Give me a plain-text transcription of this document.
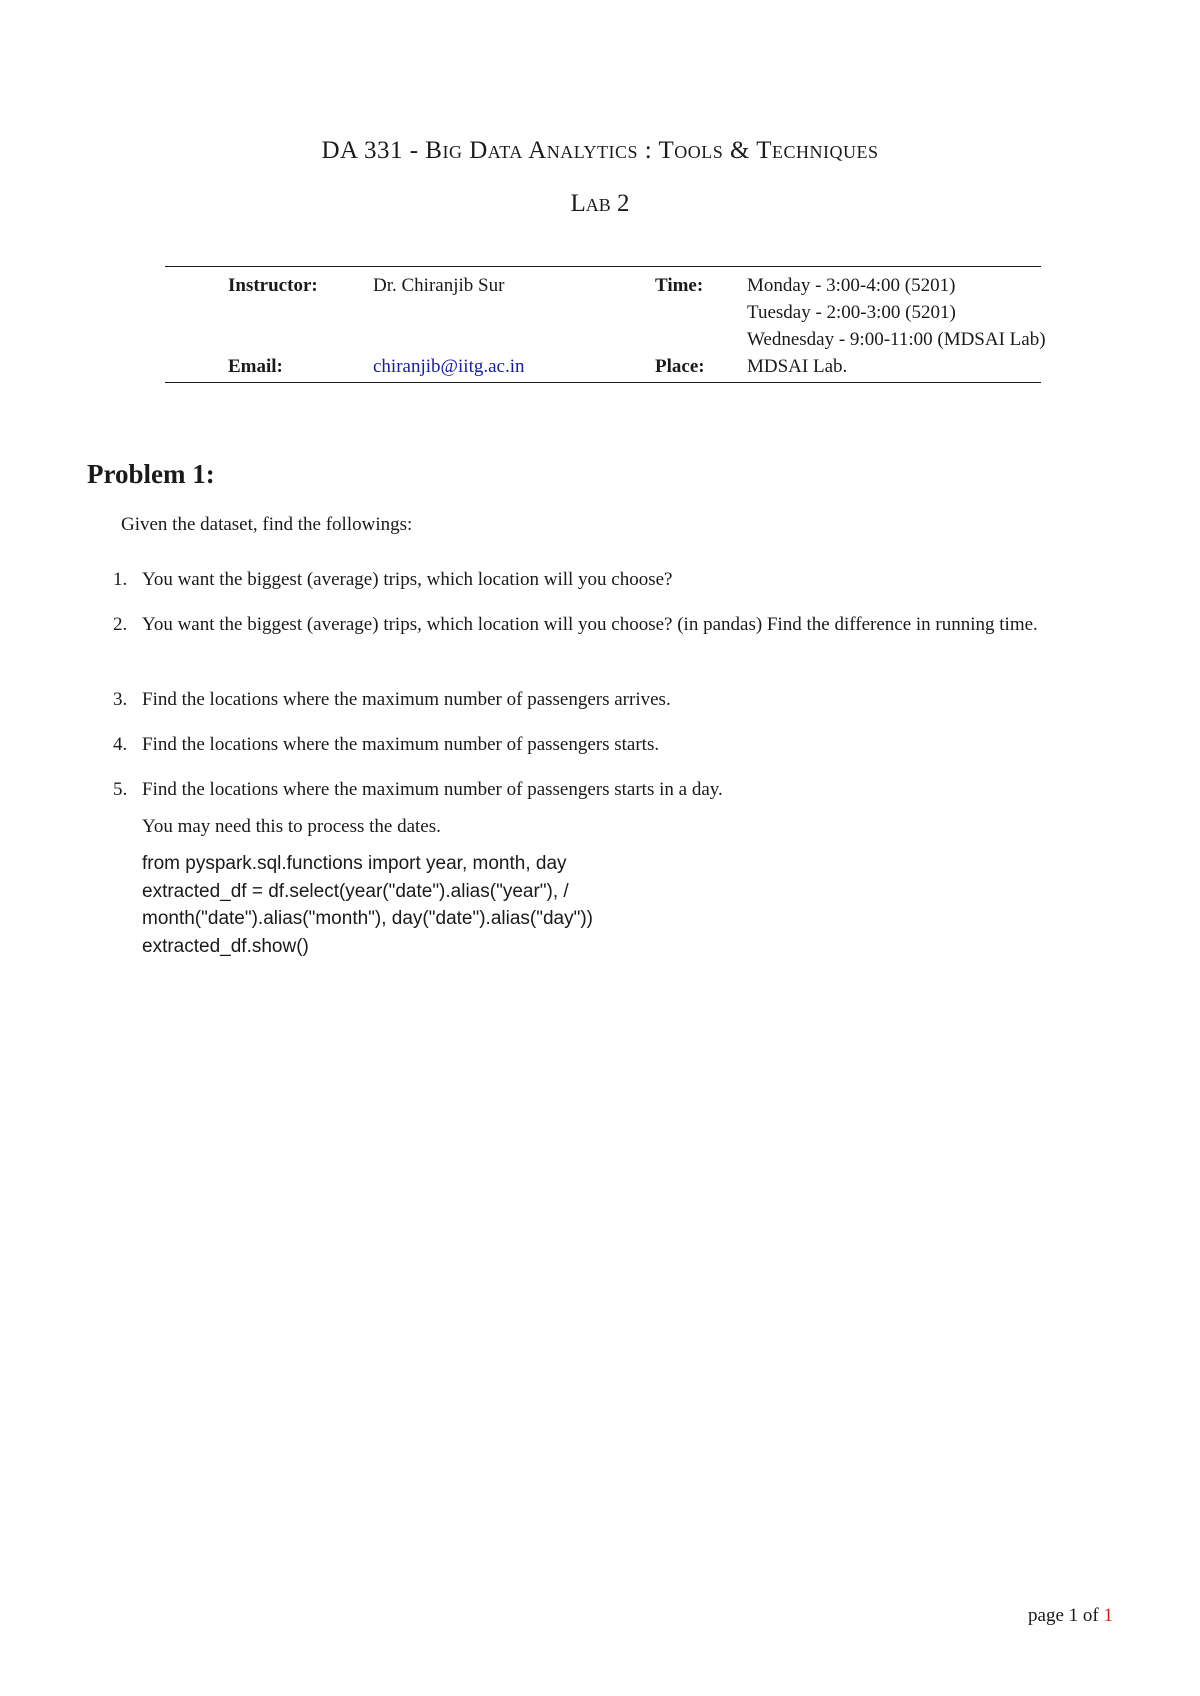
DA 331 - Big Data Analytics : Tools & Techniques
Lab 2
Instructor:	Dr. Chiranjib Sur	Time: Monday - 3:00-4:00 (5201)
Tuesday - 2:00-3:00 (5201)
Wednesday - 9:00-11:00 (MDSAI Lab)
Email:	chiranjib@iitg.ac.in	Place: MDSAI Lab.
Problem 1:
Given the dataset, find the followings:
1. You want the biggest (average) trips, which location will you choose?
2. You want the biggest (average) trips, which location will you choose? (in pandas) Find the difference in running time.
3. Find the locations where the maximum number of passengers arrives.
4. Find the locations where the maximum number of passengers starts.
5. Find the locations where the maximum number of passengers starts in a day.
You may need this to process the dates.
from pyspark.sql.functions import year, month, day
extracted_df = df.select(year("date").alias("year"), /
month("date").alias("month"), day("date").alias("day"))
extracted_df.show()
page 1 of 1
